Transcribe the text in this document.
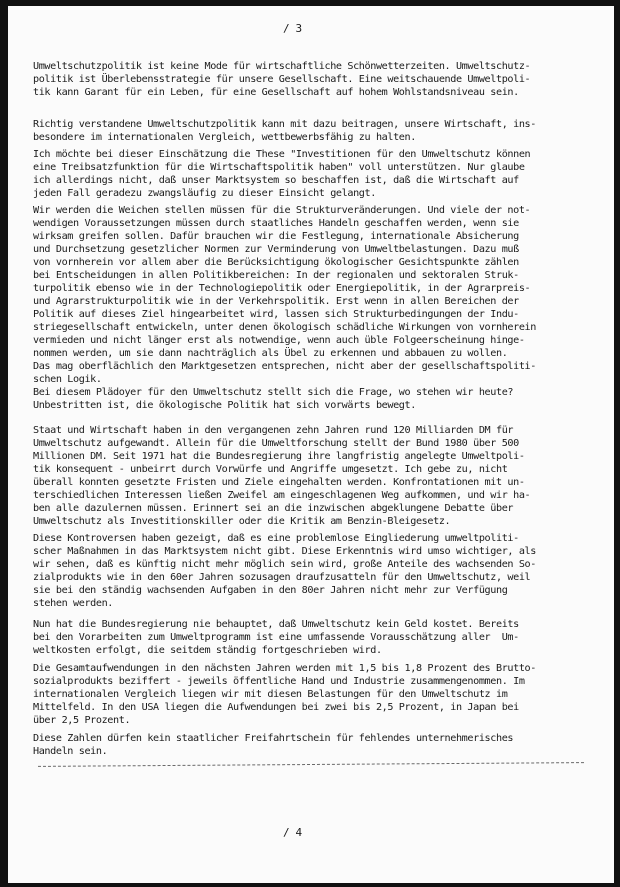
/ 3

Umweltschutzpolitik ist keine Mode für wirtschaftliche Schönwetterzeiten. Umweltschutz-
politik ist Überlebensstrategie für unsere Gesellschaft. Eine weitschauende Umweltpoli-
tik kann Garant für ein Leben, für eine Gesellschaft auf hohem Wohlstandsniveau sein.

Richtig verstandene Umweltschutzpolitik kann mit dazu beitragen, unsere Wirtschaft, ins-
besondere im internationalen Vergleich, wettbewerbsfähig zu halten.

Ich möchte bei dieser Einschätzung die These "Investitionen für den Umweltschutz können
eine Treibsatzfunktion für die Wirtschaftspolitik haben" voll unterstützen. Nur glaube
ich allerdings nicht, daß unser Marktsystem so beschaffen ist, daß die Wirtschaft auf
jeden Fall geradezu zwangsläufig zu dieser Einsicht gelangt.

Wir werden die Weichen stellen müssen für die Strukturveränderungen. Und viele der not-
wendigen Voraussetzungen müssen durch staatliches Handeln geschaffen werden, wenn sie
wirksam greifen sollen. Dafür brauchen wir die Festlegung, internationale Absicherung
und Durchsetzung gesetzlicher Normen zur Verminderung von Umweltbelastungen. Dazu muß
von vornherein vor allem aber die Berücksichtigung ökologischer Gesichtspunkte zählen
bei Entscheidungen in allen Politikbereichen: In der regionalen und sektoralen Struk-
turpolitik ebenso wie in der Technologiepolitik oder Energiepolitik, in der Agrarpreis-
und Agrarstrukturpolitik wie in der Verkehrspolitik. Erst wenn in allen Bereichen der
Politik auf dieses Ziel hingearbeitet wird, lassen sich Strukturbedingungen der Indu-
striegesellschaft entwickeln, unter denen ökologisch schädliche Wirkungen von vornherein
vermieden und nicht länger erst als notwendige, wenn auch üble Folgeerscheinung hinge-
nommen werden, um sie dann nachträglich als Übel zu erkennen und abbauen zu wollen.
Das mag oberflächlich den Marktgesetzen entsprechen, nicht aber der gesellschaftspoliti-
schen Logik.

Bei diesem Plädoyer für den Umweltschutz stellt sich die Frage, wo stehen wir heute?
Unbestritten ist, die ökologische Politik hat sich vorwärts bewegt.

Staat und Wirtschaft haben in den vergangenen zehn Jahren rund 120 Milliarden DM für
Umweltschutz aufgewandt. Allein für die Umweltforschung stellt der Bund 1980 über 500
Millionen DM. Seit 1971 hat die Bundesregierung ihre langfristig angelegte Umweltpoli-
tik konsequent - unbeirrt durch Vorwürfe und Angriffe umgesetzt. Ich gebe zu, nicht
überall konnten gesetzte Fristen und Ziele eingehalten werden. Konfrontationen mit un-
terschiedlichen Interessen ließen Zweifel am eingeschlagenen Weg aufkommen, und wir ha-
ben alle dazulernen müssen. Erinnert sei an die inzwischen abgeklungene Debatte über
Umweltschutz als Investitionskiller oder die Kritik am Benzin-Bleigesetz.

Diese Kontroversen haben gezeigt, daß es eine problemlose Eingliederung umweltpoliti-
scher Maßnahmen in das Marktsystem nicht gibt. Diese Erkenntnis wird umso wichtiger, als
wir sehen, daß es künftig nicht mehr möglich sein wird, große Anteile des wachsenden So-
zialprodukts wie in den 60er Jahren sozusagen draufzusatteln für den Umweltschutz, weil
sie bei den ständig wachsenden Aufgaben in den 80er Jahren nicht mehr zur Verfügung
stehen werden.

Nun hat die Bundesregierung nie behauptet, daß Umweltschutz kein Geld kostet. Bereits
bei den Vorarbeiten zum Umweltprogramm ist eine umfassende Vorausschätzung aller  Um-
weltkosten erfolgt, die seitdem ständig fortgeschrieben wird.

Die Gesamtaufwendungen in den nächsten Jahren werden mit 1,5 bis 1,8 Prozent des Brutto-
sozialprodukts beziffert - jeweils öffentliche Hand und Industrie zusammengenommen. Im
internationalen Vergleich liegen wir mit diesen Belastungen für den Umweltschutz im
Mittelfeld. In den USA liegen die Aufwendungen bei zwei bis 2,5 Prozent, in Japan bei
über 2,5 Prozent.

Diese Zahlen dürfen kein staatlicher Freifahrtschein für fehlendes unternehmerisches
Handeln sein.

/ 4
